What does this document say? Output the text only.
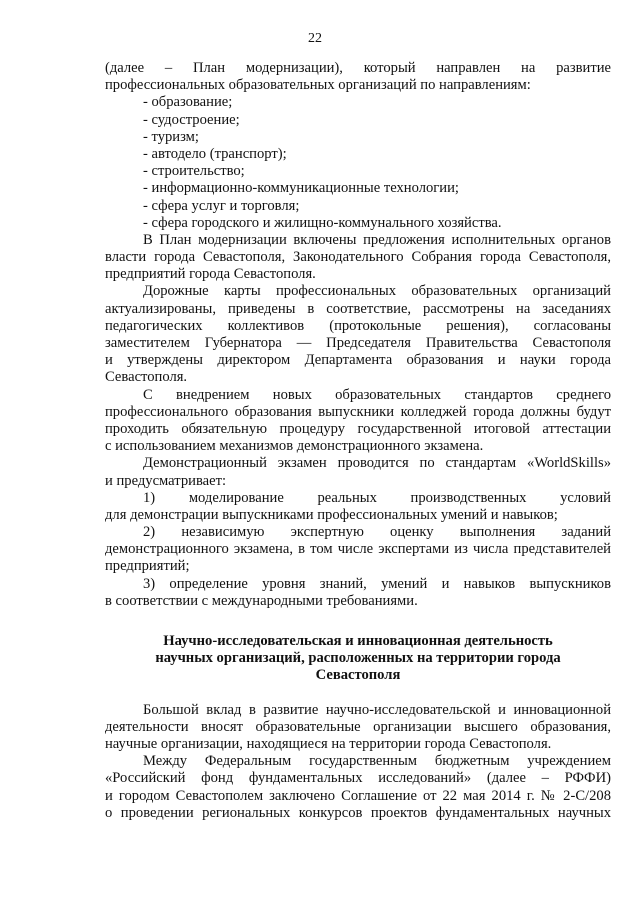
22
(далее – План модернизации), который направлен на развитие
профессиональных образовательных организаций по направлениям:
- образование;
- судостроение;
- туризм;
- автодело (транспорт);
- строительство;
- информационно-коммуникационные технологии;
- сфера услуг и торговля;
- сфера городского и жилищно-коммунального хозяйства.
В План модернизации включены предложения исполнительных органов
власти города Севастополя, Законодательного Собрания города Севастополя,
предприятий города Севастополя.
Дорожные карты профессиональных образовательных организаций
актуализированы, приведены в соответствие, рассмотрены на заседаниях
педагогических коллективов (протокольные решения), согласованы
заместителем Губернатора — Председателя Правительства Севастополя
и утверждены директором Департамента образования и науки города
Севастополя.
С внедрением новых образовательных стандартов среднего
профессионального образования выпускники колледжей города должны будут
проходить обязательную процедуру государственной итоговой аттестации
с использованием механизмов демонстрационного экзамена.
Демонстрационный экзамен проводится по стандартам «WorldSkills»
и предусматривает:
1) моделирование реальных производственных условий
для демонстрации выпускниками профессиональных умений и навыков;
2) независимую экспертную оценку выполнения заданий
демонстрационного экзамена, в том числе экспертами из числа представителей
предприятий;
3) определение уровня знаний, умений и навыков выпускников
в соответствии с международными требованиями.
Научно-исследовательская и инновационная деятельность
научных организаций, расположенных на территории города
Севастополя
Большой вклад в развитие научно-исследовательской и инновационной
деятельности вносят образовательные организации высшего образования,
научные организации, находящиеся на территории города Севастополя.
Между Федеральным государственным бюджетным учреждением
«Российский фонд фундаментальных исследований» (далее – РФФИ)
и городом Севастополем заключено Соглашение от 22 мая 2014 г. № 2-С/208
о проведении региональных конкурсов проектов фундаментальных научных
